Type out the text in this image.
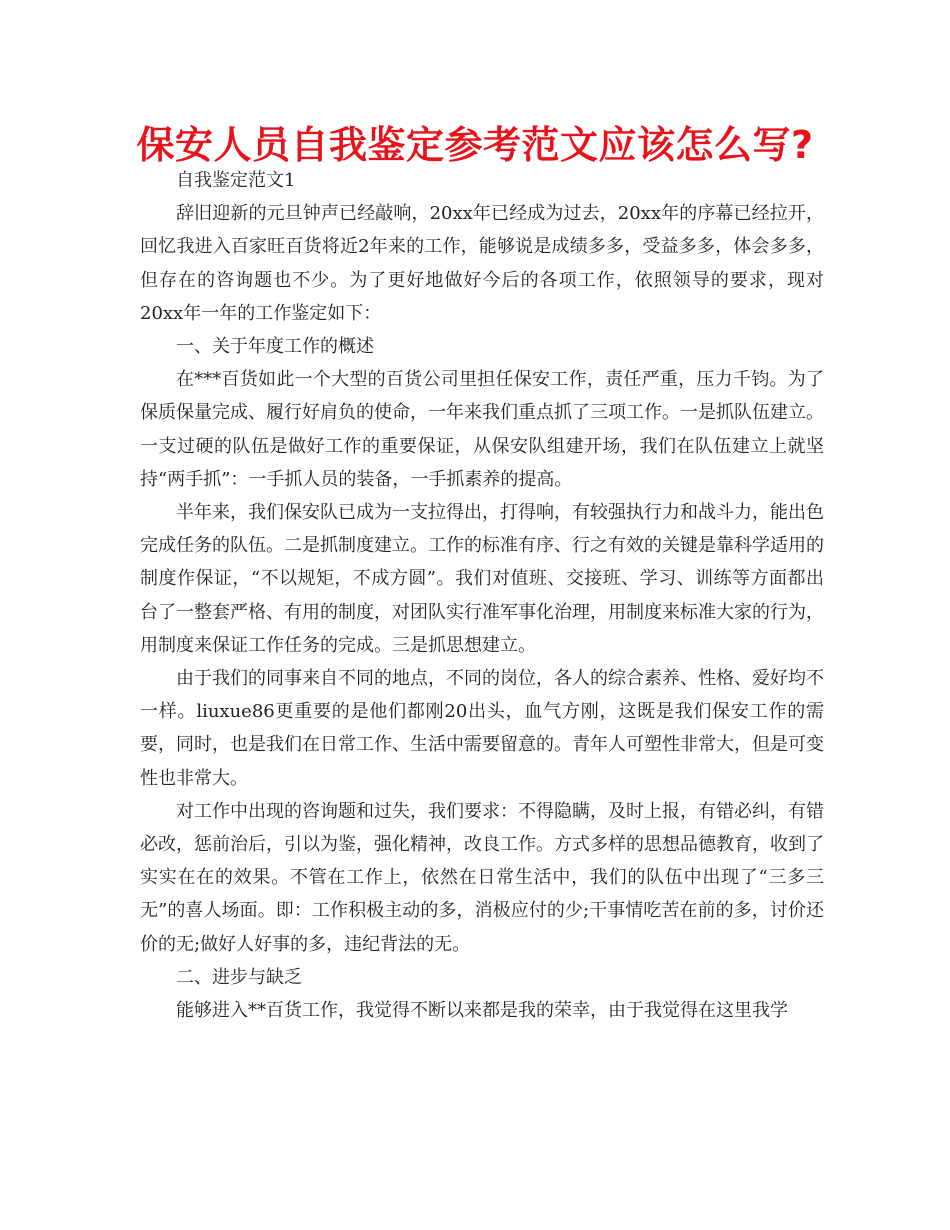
保安人员自我鉴定参考范文应该怎么写?

自我鉴定范文1

辞旧迎新的元旦钟声已经敲响，20xx年已经成为过去，20xx年的序幕已经拉开，回忆我进入百家旺百货将近2年来的工作，能够说是成绩多多，受益多多，体会多多，但存在的咨询题也不少。为了更好地做好今后的各项工作，依照领导的要求，现对20xx年一年的工作鉴定如下：

一、关于年度工作的概述

在***百货如此一个大型的百货公司里担任保安工作，责任严重，压力千钧。为了保质保量完成、履行好肩负的使命，一年来我们重点抓了三项工作。一是抓队伍建立。一支过硬的队伍是做好工作的重要保证，从保安队组建开场，我们在队伍建立上就坚持“两手抓”：一手抓人员的装备，一手抓素养的提高。

半年来，我们保安队已成为一支拉得出，打得响，有较强执行力和战斗力，能出色完成任务的队伍。二是抓制度建立。工作的标准有序、行之有效的关键是靠科学适用的制度作保证，“不以规矩，不成方圆”。我们对值班、交接班、学习、训练等方面都出台了一整套严格、有用的制度，对团队实行准军事化治理，用制度来标准大家的行为，用制度来保证工作任务的完成。三是抓思想建立。

由于我们的同事来自不同的地点，不同的岗位，各人的综合素养、性格、爱好均不一样。liuxue86更重要的是他们都刚20出头，血气方刚，这既是我们保安工作的需要，同时，也是我们在日常工作、生活中需要留意的。青年人可塑性非常大，但是可变性也非常大。

对工作中出现的咨询题和过失，我们要求：不得隐瞒，及时上报，有错必纠，有错必改，惩前治后，引以为鉴，强化精神，改良工作。方式多样的思想品德教育，收到了实实在在的效果。不管在工作上，依然在日常生活中，我们的队伍中出现了“三多三无”的喜人场面。即：工作积极主动的多，消极应付的少;干事情吃苦在前的多，讨价还价的无;做好人好事的多，违纪背法的无。

二、进步与缺乏

能够进入**百货工作，我觉得不断以来都是我的荣幸，由于我觉得在这里我学
